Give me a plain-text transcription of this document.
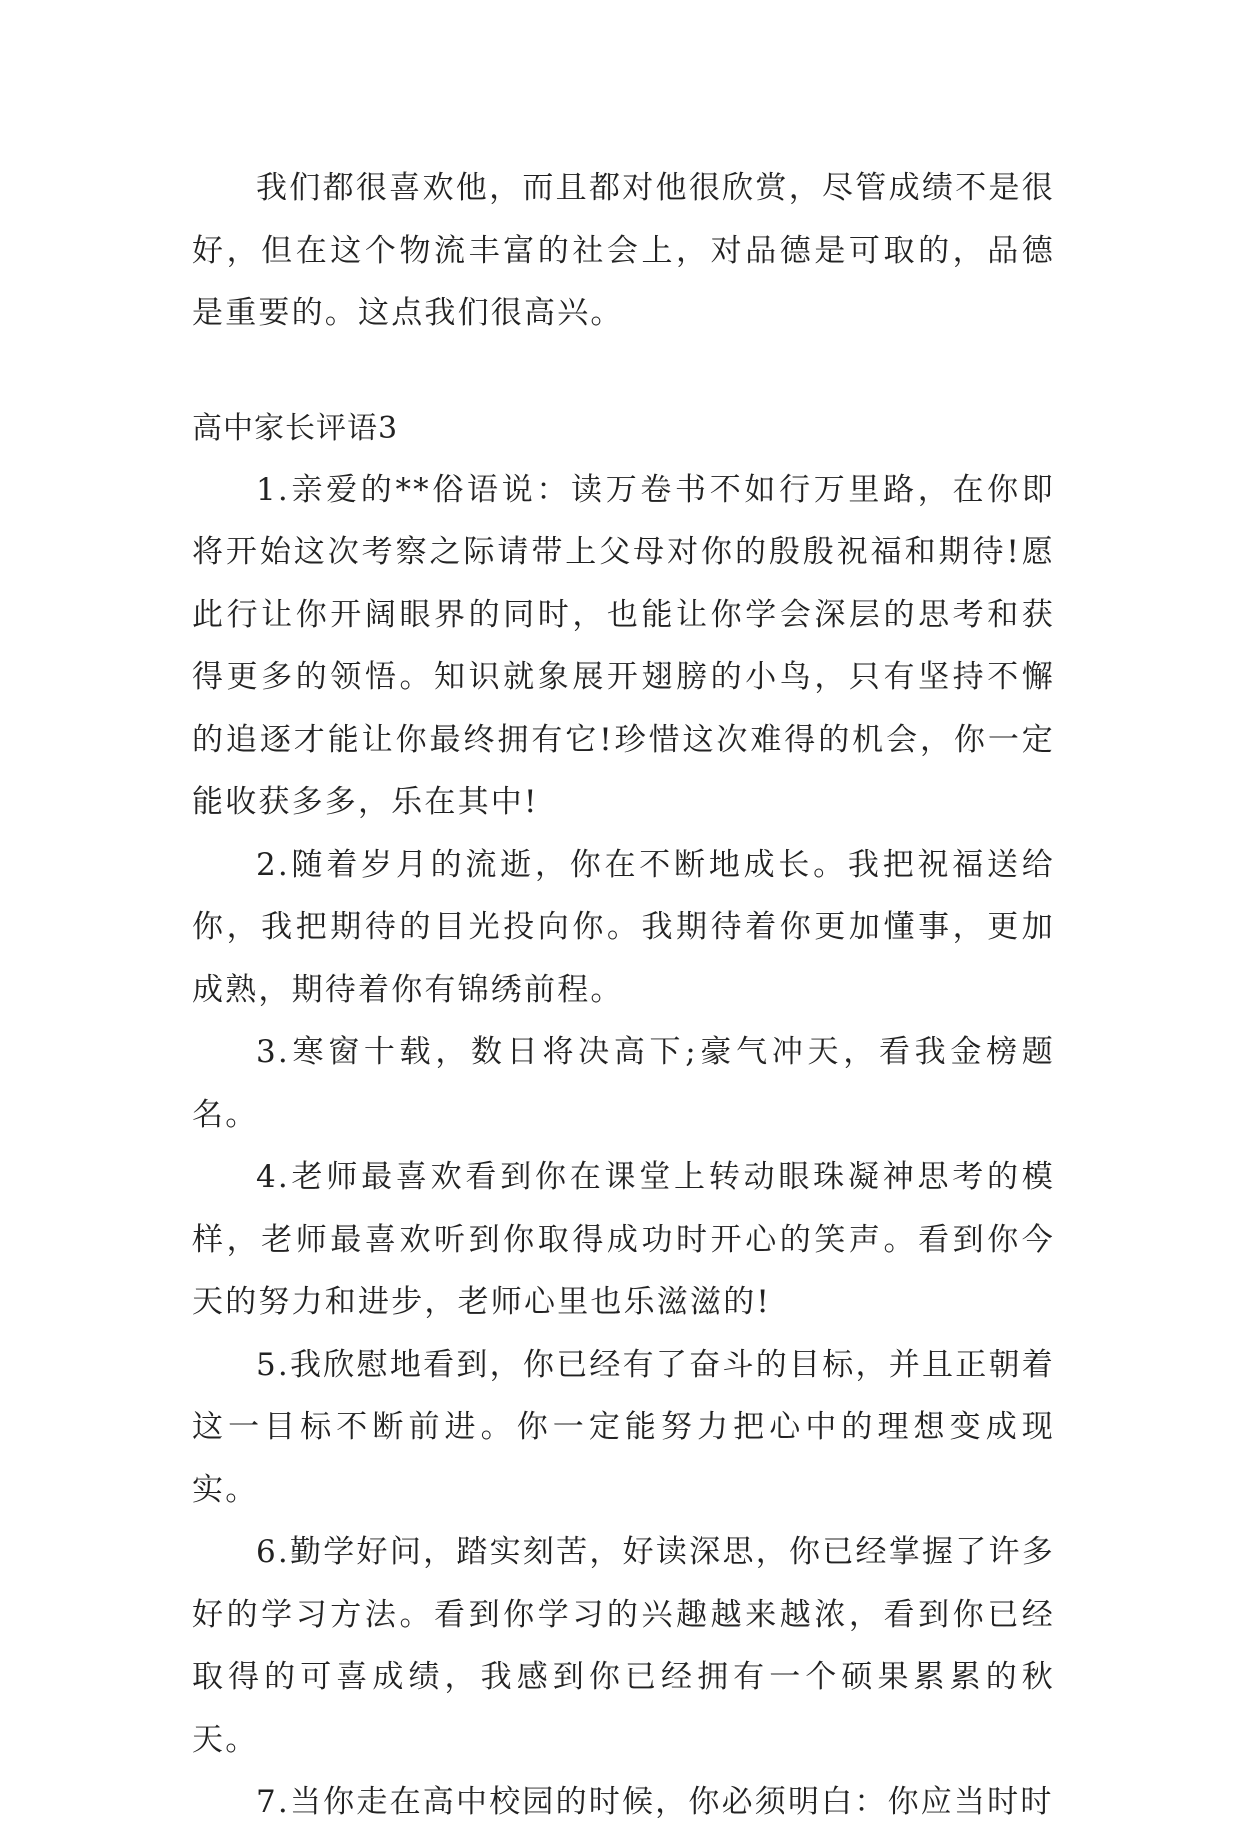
我们都很喜欢他，而且都对他很欣赏，尽管成绩不是很好，但在这个物流丰富的社会上，对品德是可取的，品德是重要的。这点我们很高兴。

高中家长评语3

1.亲爱的**俗语说：读万卷书不如行万里路，在你即将开始这次考察之际请带上父母对你的殷殷祝福和期待!愿此行让你开阔眼界的同时，也能让你学会深层的思考和获得更多的领悟。知识就象展开翅膀的小鸟，只有坚持不懈的追逐才能让你最终拥有它!珍惜这次难得的机会，你一定能收获多多，乐在其中!

2.随着岁月的流逝，你在不断地成长。我把祝福送给你，我把期待的目光投向你。我期待着你更加懂事，更加成熟，期待着你有锦绣前程。

3.寒窗十载，数日将决高下;豪气冲天，看我金榜题名。

4.老师最喜欢看到你在课堂上转动眼珠凝神思考的模样，老师最喜欢听到你取得成功时开心的笑声。看到你今天的努力和进步，老师心里也乐滋滋的!

5.我欣慰地看到，你已经有了奋斗的目标，并且正朝着这一目标不断前进。你一定能努力把心中的理想变成现实。

6.勤学好问，踏实刻苦，好读深思，你已经掌握了许多好的学习方法。看到你学习的兴趣越来越浓，看到你已经取得的可喜成绩，我感到你已经拥有一个硕果累累的秋天。

7.当你走在高中校园的时候，你必须明白：你应当时时
